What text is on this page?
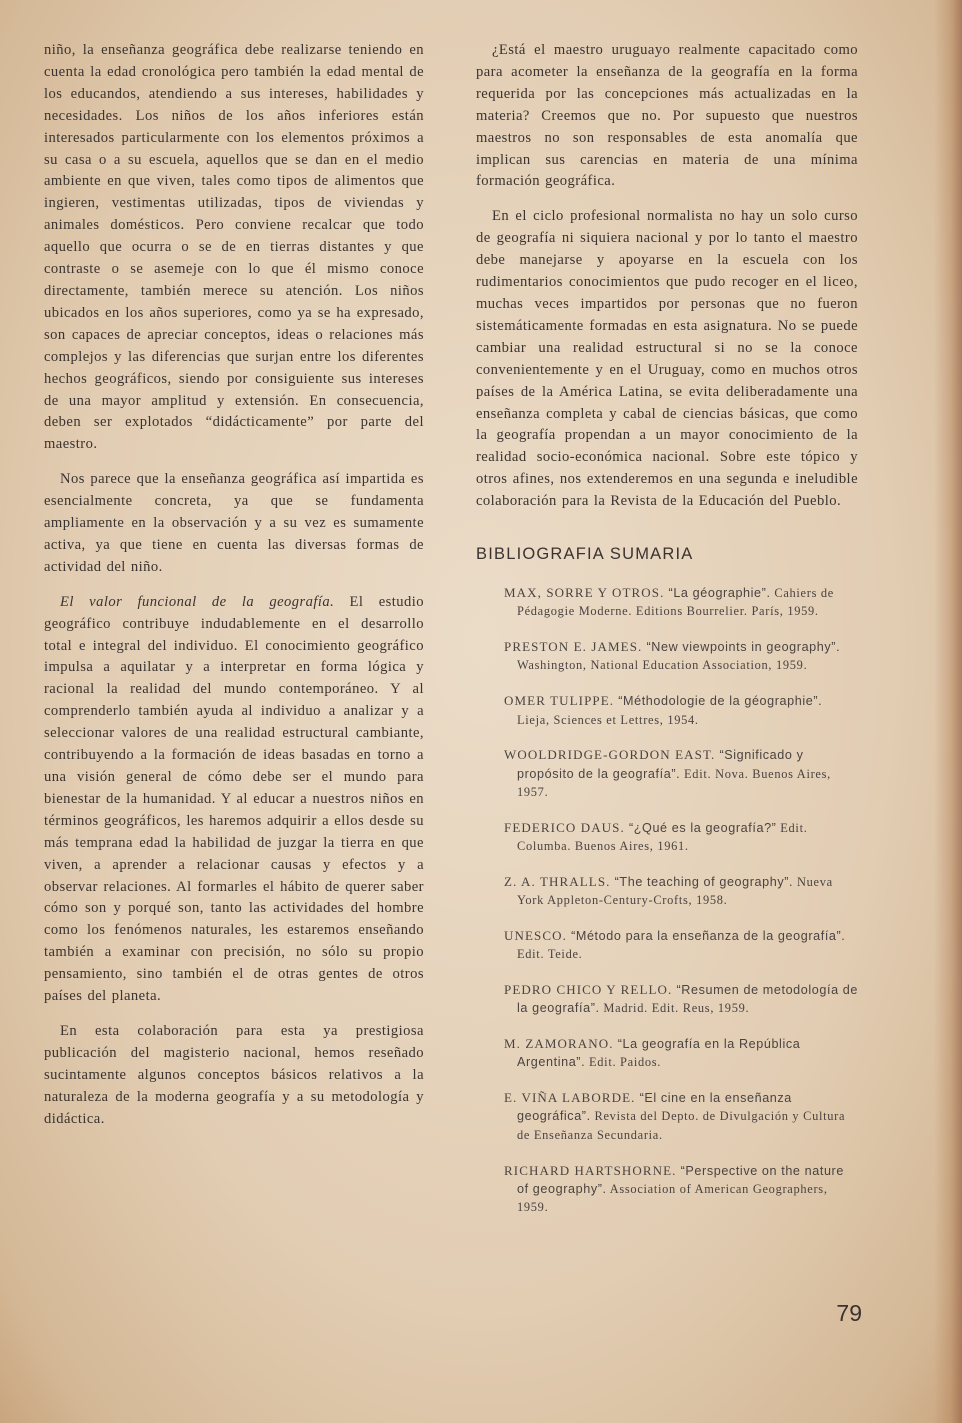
niño, la enseñanza geográfica debe realizarse teniendo en cuenta la edad cronológica pero también la edad mental de los educandos, atendiendo a sus intereses, habilidades y necesidades. Los niños de los años inferiores están interesados particularmente con los elementos próximos a su casa o a su escuela, aquellos que se dan en el medio ambiente en que viven, tales como tipos de alimentos que ingieren, vestimentas utilizadas, tipos de viviendas y animales domésticos. Pero conviene recalcar que todo aquello que ocurra o se de en tierras distantes y que contraste o se asemeje con lo que él mismo conoce directamente, también merece su atención. Los niños ubicados en los años superiores, como ya se ha expresado, son capaces de apreciar conceptos, ideas o relaciones más complejos y las diferencias que surjan entre los diferentes hechos geográficos, siendo por consiguiente sus intereses de una mayor amplitud y extensión. En consecuencia, deben ser explotados “didácticamente” por parte del maestro.

Nos parece que la enseñanza geográfica así impartida es esencialmente concreta, ya que se fundamenta ampliamente en la observación y a su vez es sumamente activa, ya que tiene en cuenta las diversas formas de actividad del niño.

El valor funcional de la geografía. El estudio geográfico contribuye indudablemente en el desarrollo total e integral del individuo. El conocimiento geográfico impulsa a aquilatar y a interpretar en forma lógica y racional la realidad del mundo contemporáneo. Y al comprenderlo también ayuda al individuo a analizar y a seleccionar valores de una realidad estructural cambiante, contribuyendo a la formación de ideas basadas en torno a una visión general de cómo debe ser el mundo para bienestar de la humanidad. Y al educar a nuestros niños en términos geográficos, les haremos adquirir a ellos desde su más temprana edad la habilidad de juzgar la tierra en que viven, a aprender a relacionar causas y efectos y a observar relaciones. Al formarles el hábito de querer saber cómo son y porqué son, tanto las actividades del hombre como los fenómenos naturales, les estaremos enseñando también a examinar con precisión, no sólo su propio pensamiento, sino también el de otras gentes de otros países del planeta.

En esta colaboración para esta ya prestigiosa publicación del magisterio nacional, hemos reseñado sucintamente algunos conceptos básicos relativos a la naturaleza de la moderna geografía y a su metodología y didáctica.

¿Está el maestro uruguayo realmente capacitado como para acometer la enseñanza de la geografía en la forma requerida por las concepciones más actualizadas en la materia? Creemos que no. Por supuesto que nuestros maestros no son responsables de esta anomalía que implican sus carencias en materia de una mínima formación geográfica.

En el ciclo profesional normalista no hay un solo curso de geografía ni siquiera nacional y por lo tanto el maestro debe manejarse y apoyarse en la escuela con los rudimentarios conocimientos que pudo recoger en el liceo, muchas veces impartidos por personas que no fueron sistemáticamente formadas en esta asignatura. No se puede cambiar una realidad estructural si no se la conoce convenientemente y en el Uruguay, como en muchos otros países de la América Latina, se evita deliberadamente una enseñanza completa y cabal de ciencias básicas, que como la geografía propendan a un mayor conocimiento de la realidad socio-económica nacional. Sobre este tópico y otros afines, nos extenderemos en una segunda e ineludible colaboración para la Revista de la Educación del Pueblo.

BIBLIOGRAFIA SUMARIA
MAX, SORRE Y OTROS. “La géographie”. Cahiers de Pédagogie Moderne. Editions Bourrelier. París, 1959.
PRESTON E. JAMES. “New viewpoints in geography”. Washington, National Education Association, 1959.
OMER TULIPPE. “Méthodologie de la géographie”. Lieja, Sciences et Lettres, 1954.
WOOLDRIDGE-GORDON EAST. “Significado y propósito de la geografía”. Edit. Nova. Buenos Aires, 1957.
FEDERICO DAUS. “¿Qué es la geografía?” Edit. Columba. Buenos Aires, 1961.
Z. A. THRALLS. “The teaching of geography”. Nueva York Appleton-Century-Crofts, 1958.
UNESCO. “Método para la enseñanza de la geografía”. Edit. Teide.
PEDRO CHICO Y RELLO. “Resumen de metodología de la geografía”. Madrid. Edit. Reus, 1959.
M. ZAMORANO. “La geografía en la República Argentina”. Edit. Paidos.
E. VIÑA LABORDE. “El cine en la enseñanza geográfica”. Revista del Depto. de Divulgación y Cultura de Enseñanza Secundaria.
RICHARD HARTSHORNE. “Perspective on the nature of geography”. Association of American Geographers, 1959.
79
